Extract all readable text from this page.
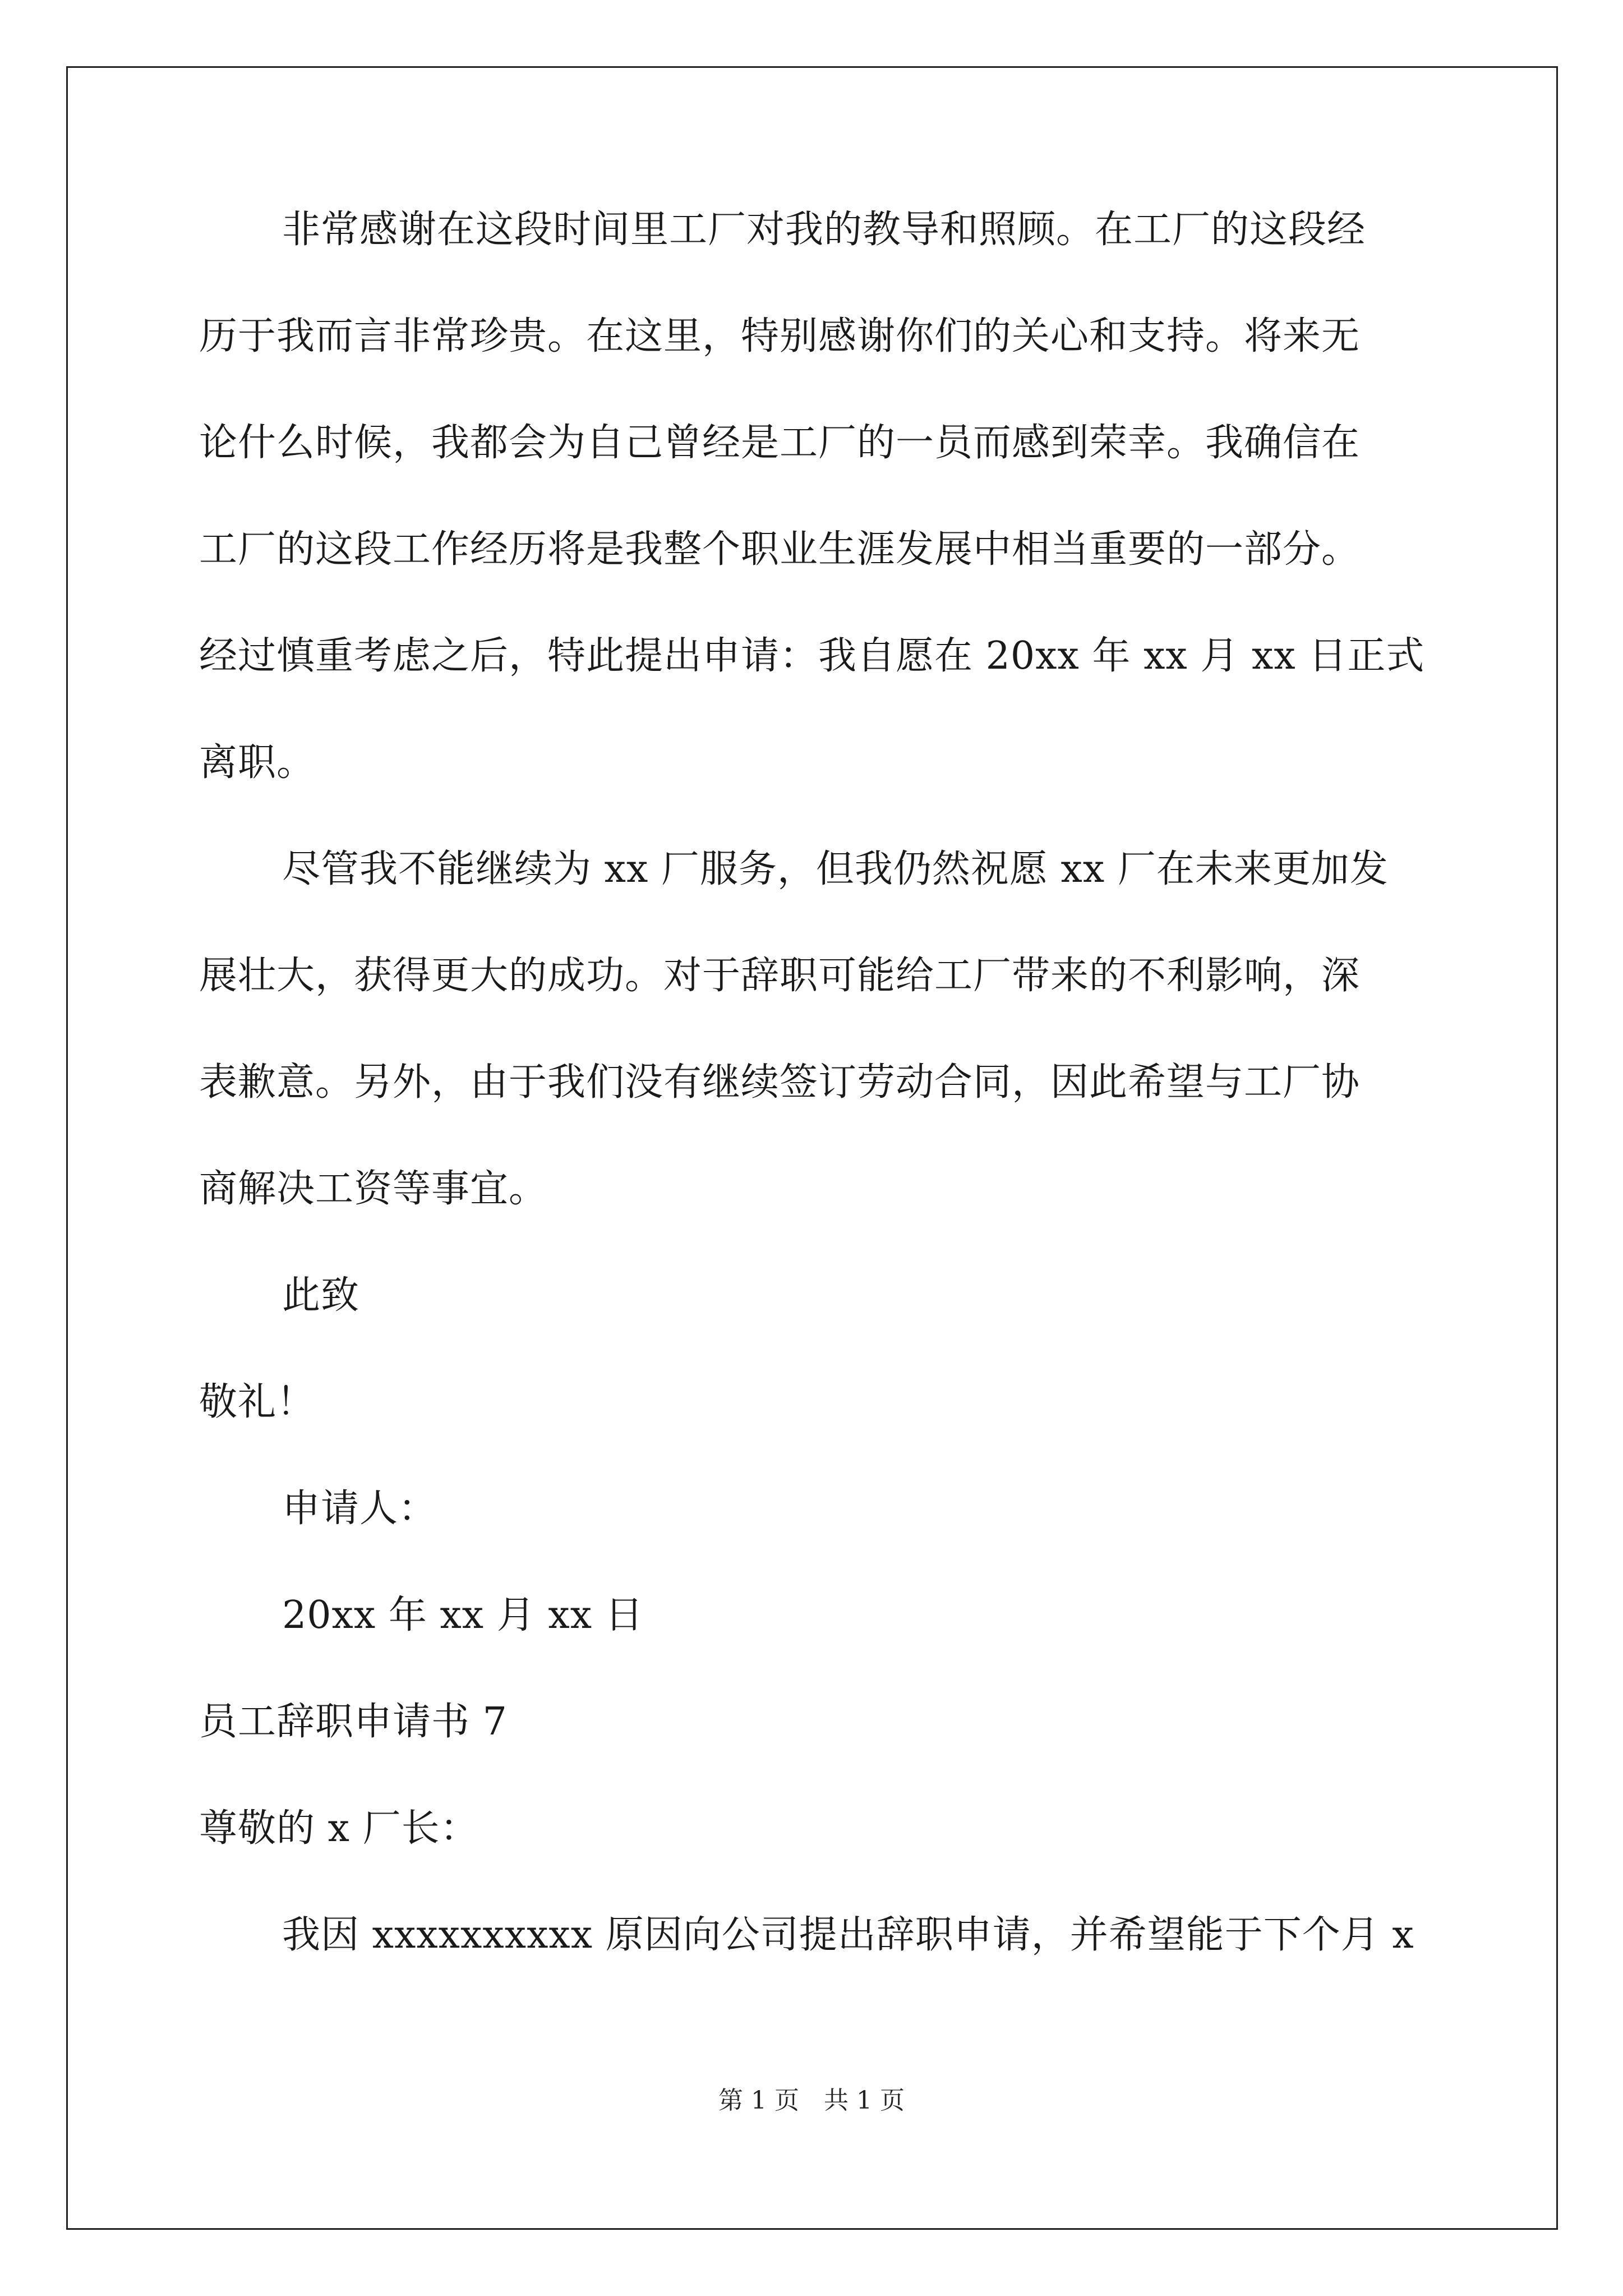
非常感谢在这段时间里工厂对我的教导和照顾。在工厂的这段经
历于我而言非常珍贵。在这里，特别感谢你们的关心和支持。将来无
论什么时候，我都会为自己曾经是工厂的一员而感到荣幸。我确信在
工厂的这段工作经历将是我整个职业生涯发展中相当重要的一部分。
经过慎重考虑之后，特此提出申请：我自愿在 20xx 年 xx 月 xx 日正式
离职。
尽管我不能继续为 xx 厂服务，但我仍然祝愿 xx 厂在未来更加发
展壮大，获得更大的成功。对于辞职可能给工厂带来的不利影响，深
表歉意。另外，由于我们没有继续签订劳动合同，因此希望与工厂协
商解决工资等事宜。
此致
敬礼！
申请人：
20xx 年 xx 月 xx 日
员工辞职申请书 7
尊敬的 x 厂长：
我因 xxxxxxxxxx 原因向公司提出辞职申请，并希望能于下个月 x
第 1 页　共 1 页
